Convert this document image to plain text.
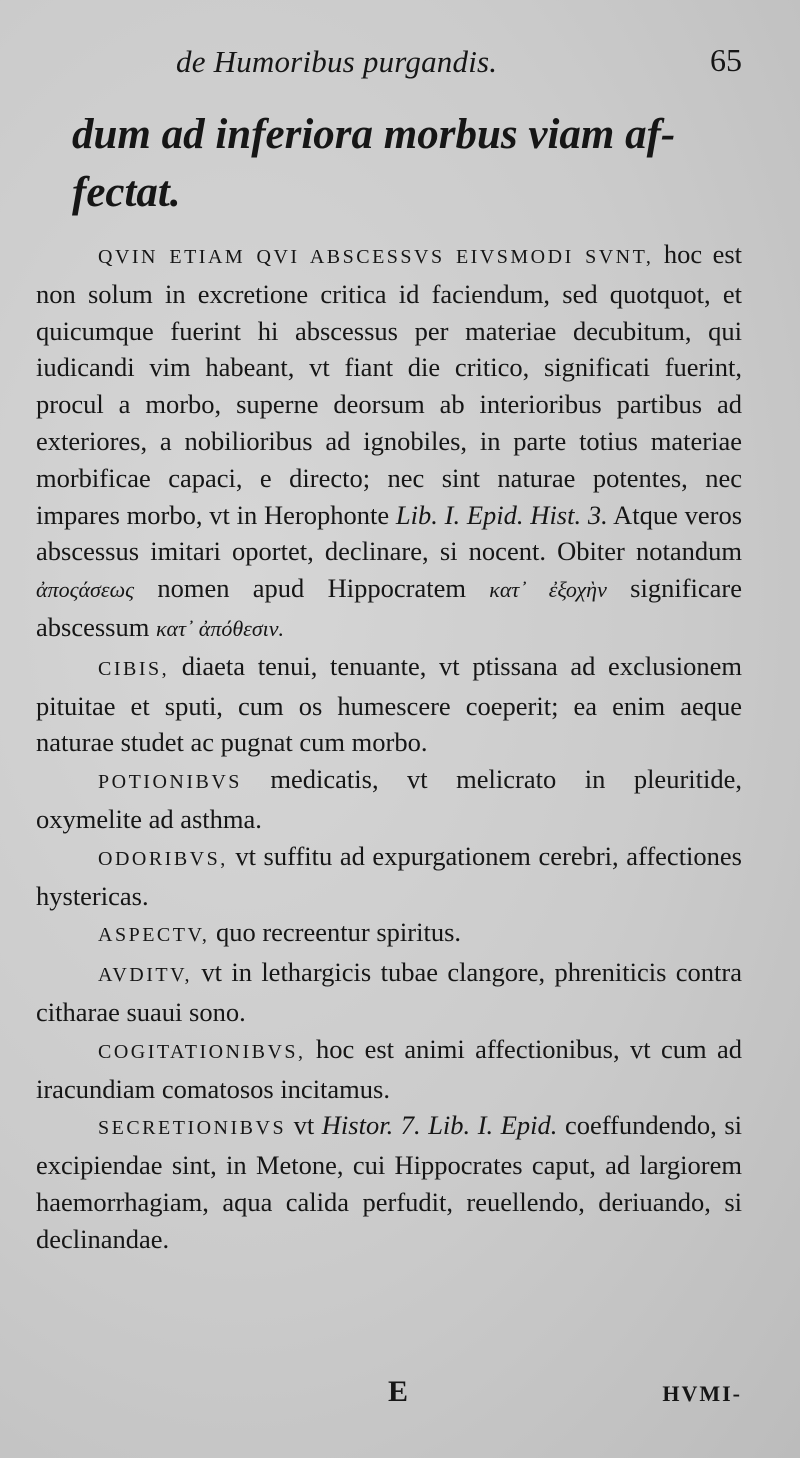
de Humoribus purgandis.	65
dum ad inferiora morbus viam af-

fectat.

QVIN ETIAM QVI ABSCESSVS EIVSMODI SVNT, hoc est non solum in excretione critica id faciendum, sed quotquot, et quicumque fuerint hi abscessus per materiae decubitum, qui iudicandi vim habeant, vt fiant die critico, significati fuerint, procul a morbo, superne deorsum ab interioribus partibus ad exteriores, a nobilioribus ad ignobiles, in parte totius materiae morbificae capaci, e directo; nec sint naturae potentes, nec impares morbo, vt in Herophonte Lib. I. Epid. Hist. 3. Atque veros abscessus imitari oportet, declinare, si nocent. Obiter notandum ἀποςάσεως nomen apud Hippocratem κατ᾽ ἐξοχὴν significare abscessum κατ᾽ ἀπόθεσιν.

CIBIS, diaeta tenui, tenuante, vt ptissana ad exclusionem pituitae et sputi, cum os humescere coeperit; ea enim aeque naturae studet ac pugnat cum morbo.

POTIONIBVS medicatis, vt melicrato in pleuritide, oxymelite ad asthma.

ODORIBVS, vt suffitu ad expurgationem cerebri, affectiones hystericas.

ASPECTV, quo recreentur spiritus.

AVDITV, vt in lethargicis tubae clangore, phreniticis contra citharae suaui sono.

COGITATIONIBVS, hoc est animi affectionibus, vt cum ad iracundiam comatosos incitamus.

SECRETIONIBVS vt Histor. 7. Lib. I. Epid. coeffundendo, si excipiendae sint, in Metone, cui Hippocrates caput, ad largiorem haemorrhagiam, aqua calida perfudit, reuellendo, deriuando, si declinandae.

E	HVMI-
